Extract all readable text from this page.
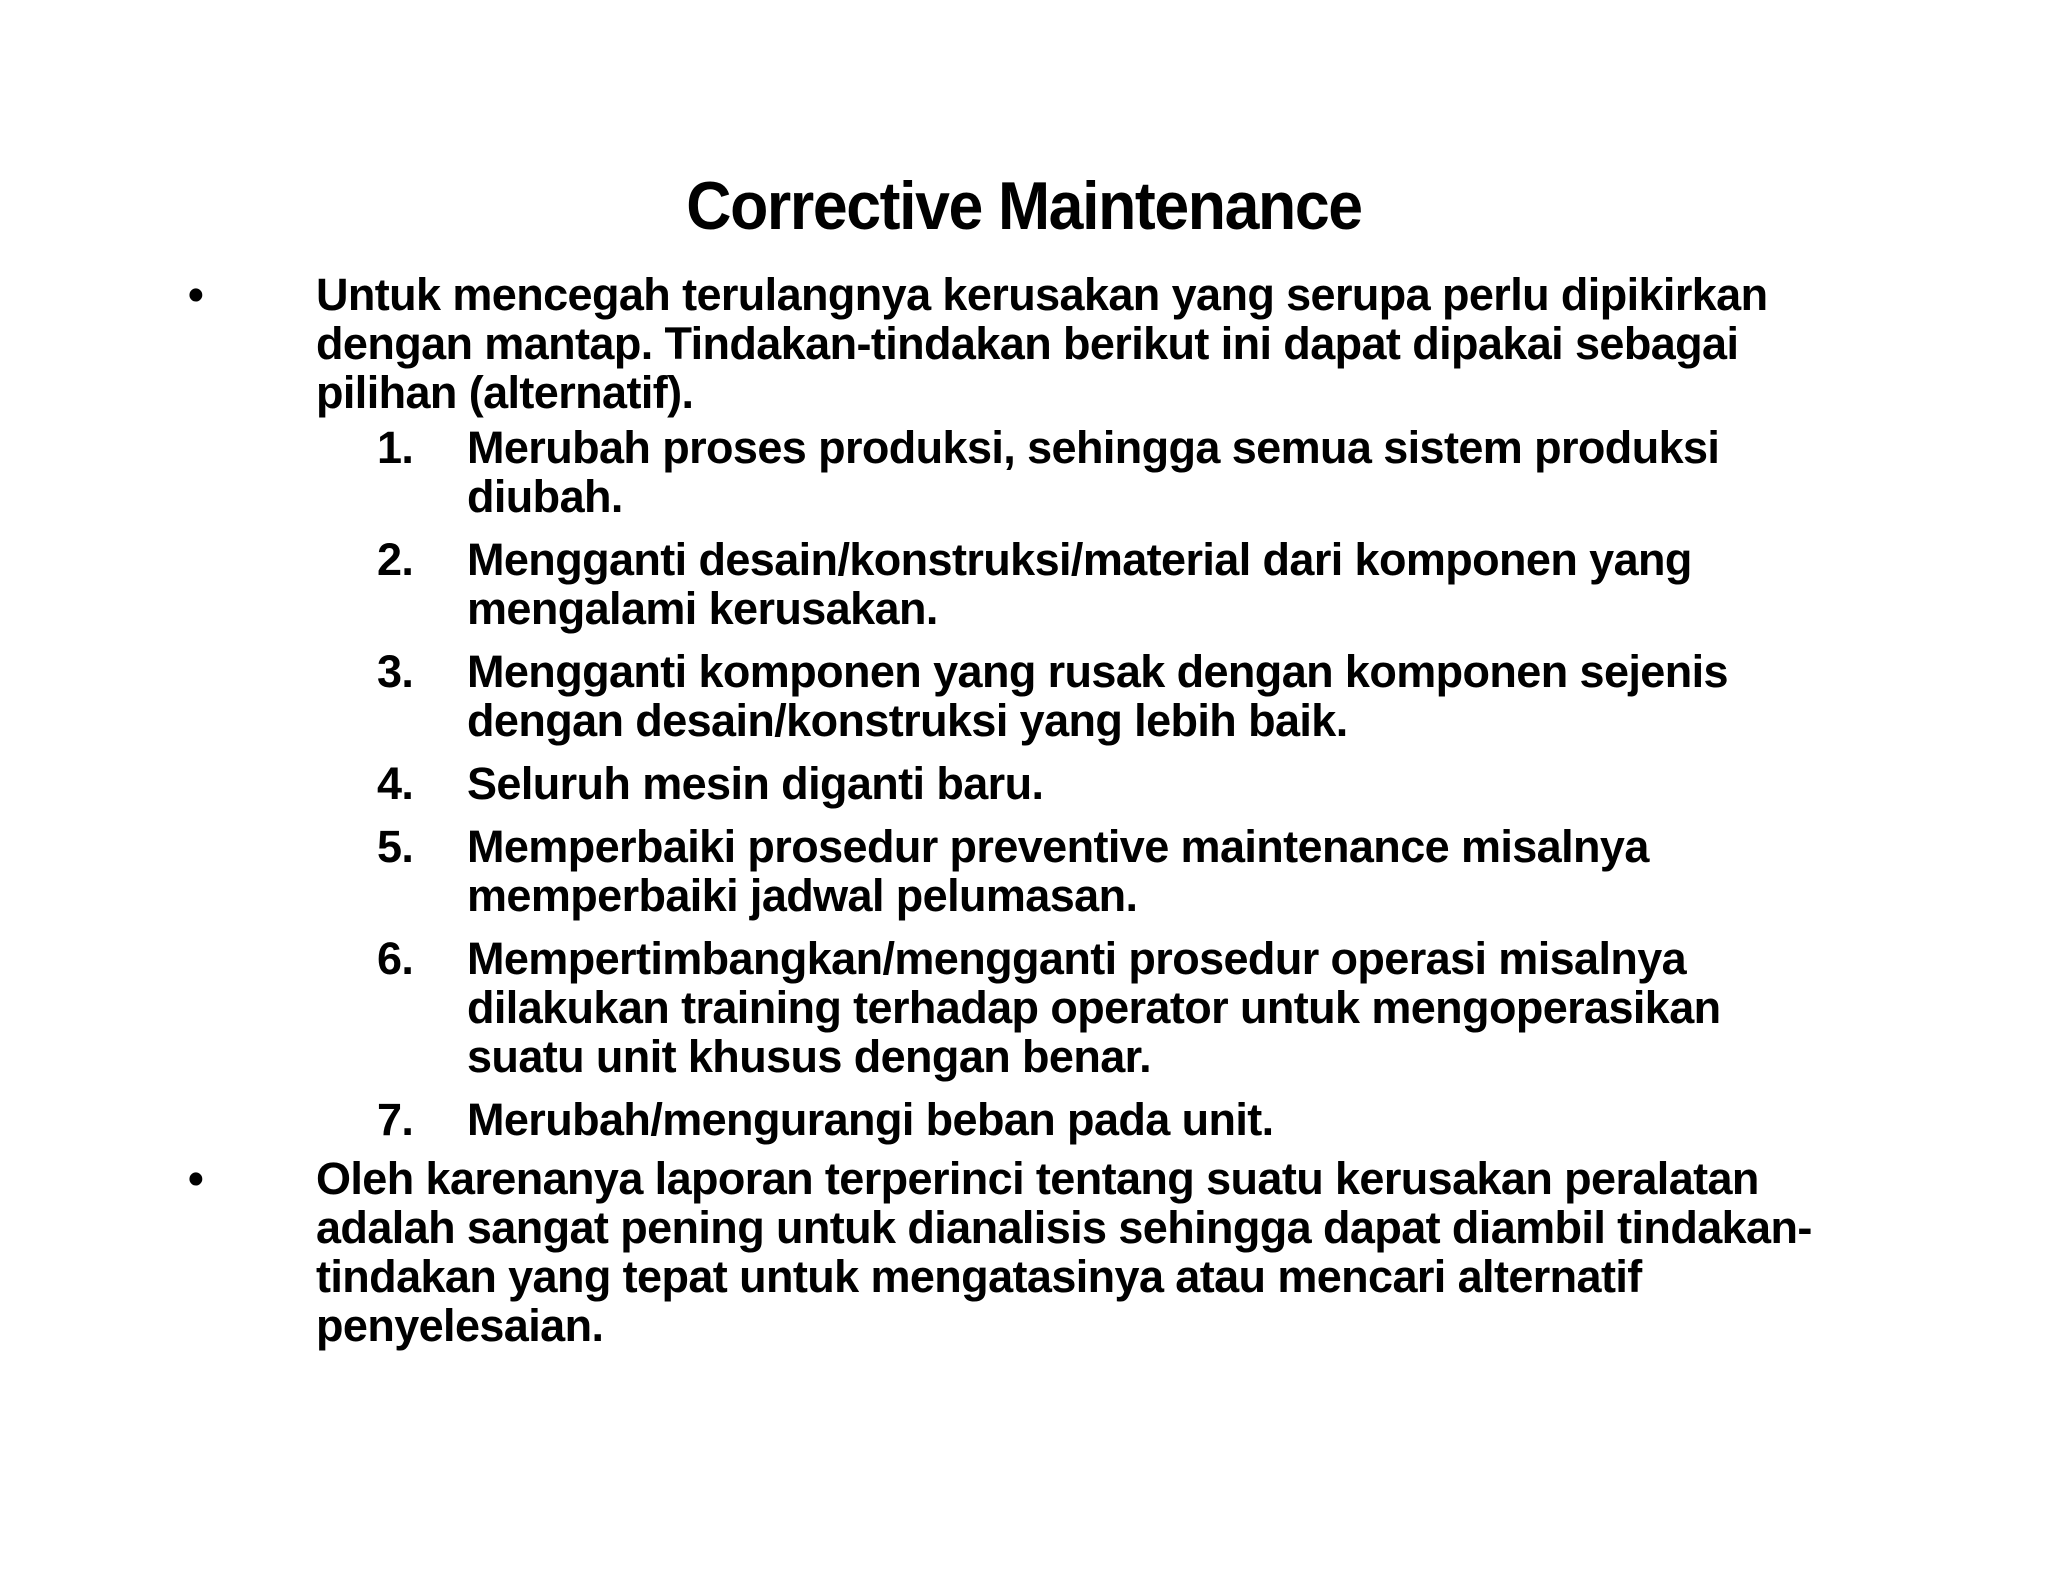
Corrective Maintenance
•	Untuk mencegah terulangnya kerusakan yang serupa perlu dipikirkan dengan mantap. Tindakan-tindakan berikut ini dapat dipakai sebagai pilihan (alternatif).
1.	Merubah proses produksi, sehingga semua sistem produksi diubah.
2.	Mengganti desain/konstruksi/material dari komponen yang mengalami kerusakan.
3.	Mengganti komponen yang rusak dengan komponen sejenis dengan desain/konstruksi yang lebih baik.
4.	Seluruh mesin diganti baru.
5.	Memperbaiki prosedur preventive maintenance misalnya memperbaiki jadwal pelumasan.
6.	Mempertimbangkan/mengganti prosedur operasi misalnya dilakukan training terhadap operator untuk mengoperasikan suatu unit khusus dengan benar.
7.	Merubah/mengurangi beban pada unit.
•	Oleh karenanya laporan terperinci tentang suatu kerusakan peralatan adalah sangat pening untuk dianalisis sehingga dapat diambil tindakan-tindakan yang tepat untuk mengatasinya atau mencari alternatif penyelesaian.
